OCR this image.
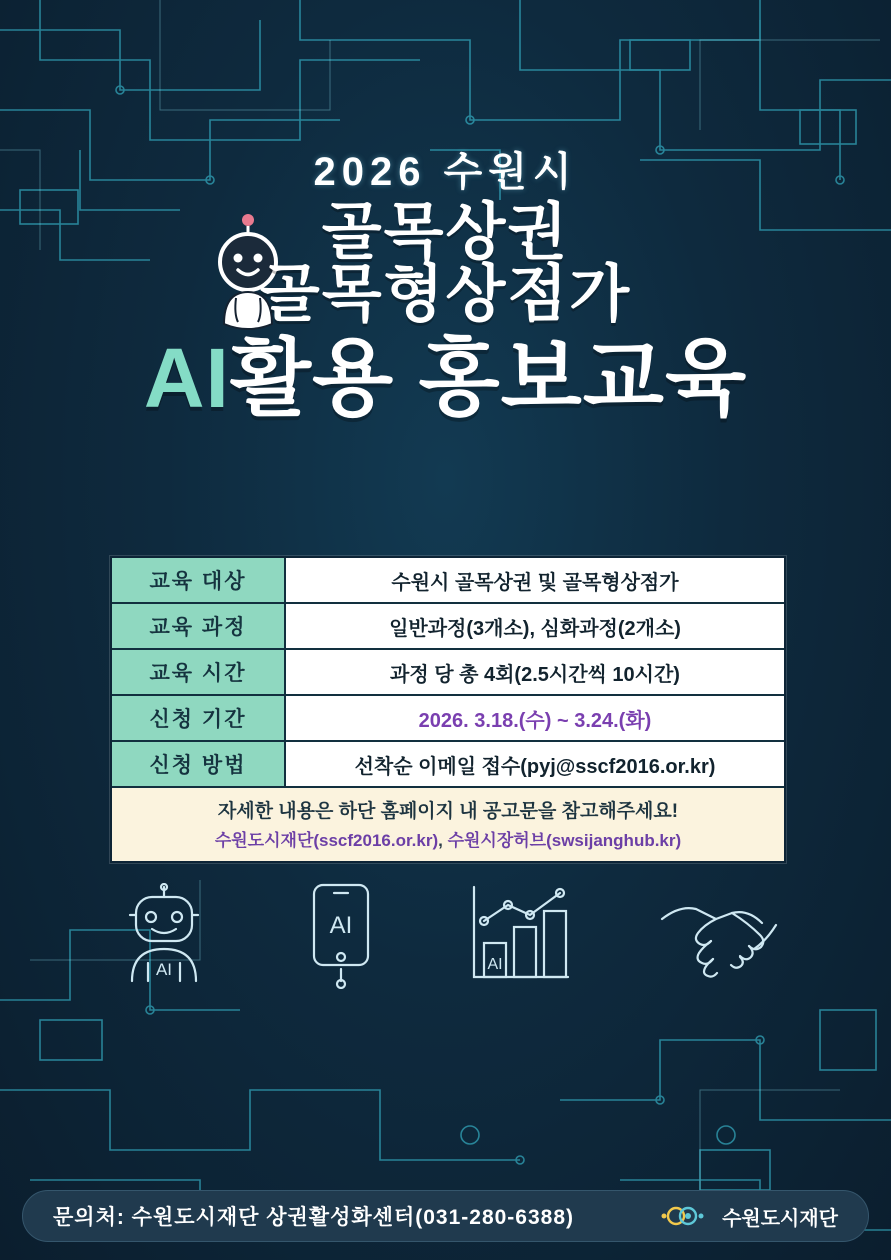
2026 수원시
골목상권
골목형상점가
AI활용 홍보교육
교육 대상	수원시 골목상권 및 골목형상점가
교육 과정	일반과정(3개소), 심화과정(2개소)
교육 시간	과정 당 총 4회(2.5시간씩 10시간)
신청 기간	2026. 3.18.(수) ~ 3.24.(화)
신청 방법	선착순 이메일 접수(pyj@sscf2016.or.kr)
자세한 내용은 하단 홈페이지 내 공고문을 참고해주세요!
수원도시재단(sscf2016.or.kr), 수원시장허브(swsijanghub.kr)
AI
AI
AI
문의처: 수원도시재단 상권활성화센터(031-280-6388)	수원도시재단
